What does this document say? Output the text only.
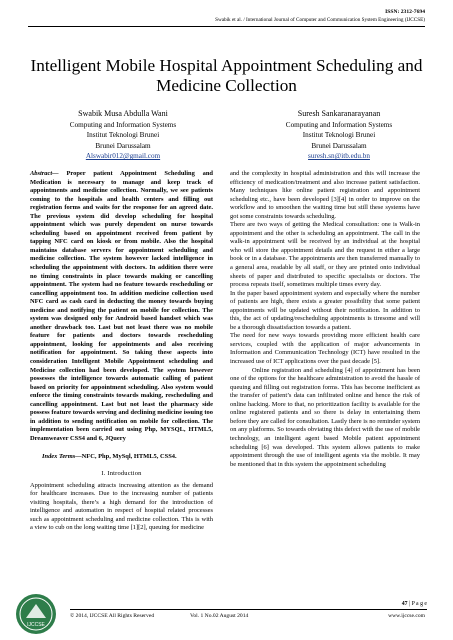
ISSN: 2312-7694
Swabik et al. / International Journal of Computer and Communication System Engineering (IJCCSE)
Intelligent Mobile Hospital Appointment Scheduling and Medicine Collection
Swabik Musa Abdulla Wani
Computing and Information Systems
Institut Teknologi Brunei
Brunei Darussalam
Alswabir012@gmail.com
Suresh Sankaranarayanan
Computing and Information Systems
Institut Teknologi Brunei
Brunei Darussalam
suresh.sn@itb.edu.bn

Abstract— Proper patient Appointment Scheduling and Medication is necessary to manage and keep track of appointments and medicine collection. Normally, we see patients coming to the hospitals and health centers and filling out registration forms and waits for the response for an agreed date. The previous system did develop scheduling for hospital appointment which was purely dependent on nurse towards scheduling based on appointment received from patient by tapping NFC card on kiosk or from mobile. Also the hospital maintains database servers for appointment scheduling and medicine collection. The system however lacked intelligence in scheduling the appointment with doctors. In addition there were no timing constraints in place towards making or cancelling appointment. The system had no feature towards rescheduling or cancelling appointment too. In addition medicine collection used NFC card as cash card in deducting the money towards buying medicine and notifying the patient on mobile for collection. The system was designed only for Android based handset which was another drawback too. Last but not least there was no mobile feature for patients and doctors towards rescheduling appointment, looking for appointments and also receiving notification for appointment. So taking these aspects into consideration Intelligent Mobile Appointment scheduling and Medicine collection had been developed. The system however possesses the intelligence towards automatic calling of patient based on priority for appointment scheduling. Also system would enforce the timing constraints towards making, rescheduling and cancelling appointment. Last but not least the pharmacy side possess feature towards serving and declining medicine issuing too in addition to sending notification on mobile for collection. The implementation been carried out using Php, MYSQL, HTML5, Dreamweaver CSS4 and 6, JQuery

Index Terms—NFC, Php, MySql, HTML5, CSS4.

I. Introduction

Appointment scheduling attracts increasing attention as the demand for healthcare increases. Due to the increasing number of patients visiting hospitals, there’s a high demand for the introduction of intelligence and automation in respect of hospital related processes such as appointment scheduling and medicine collection. This is with a view to cub on the long waiting time [1][2], queuing for medicine

and the complexity in hospital administration and this will increase the efficiency of medication/treatment and also increase patient satisfaction. Many techniques like online patient registration and appointment scheduling etc., have been developed [3][4] in order to improve on the workflow and to smoothen the waiting time but still these systems have got some constraints towards scheduling.

There are two ways of getting the Medical consultation: one is Walk-in appointment and the other is scheduling an appointment. The call in the walk-in appointment will be received by an individual at the hospital who will store the appointment details and the request in either a large book or in a database. The appointments are then transferred manually to a general area, readable by all staff, or they are printed onto individual sheets of paper and distributed to specific specialists or doctors. The process repeats itself, sometimes multiple times every day.

In the paper based appointment system and especially where the number of patients are high, there exists a greater possibility that some patient appointments will be updated without their notification. In addition to this, the act of updating/rescheduling appointments is tiresome and will be a thorough dissatisfaction towards a patient.

The need for new ways towards providing more efficient health care services, coupled with the application of major advancements in Information and Communication Technology (ICT) have resulted in the increased use of ICT applications over the past decade [5].

Online registration and scheduling [4] of appointment has been one of the options for the healthcare administration to avoid the hassle of queuing and filling out registration forms. This has become inefficient as the transfer of patient’s data can infiltrated online and hence the risk of online hacking. More to that, no prioritization facility is available for the online registered patients and so there is delay in entertaining them before they are called for consultation. Lastly there is no reminder system on any platforms. So towards obviating this defect with the use of mobile technology, an intelligent agent based Mobile patient appointment scheduling [6] was developed. This system allows patients to make appointment through the use of intelligent agents via the mobile. It may be mentioned that in this system the appointment scheduling

47 | P a g e
© 2014, IJCCSE All Rights Reserved	Vol. 1 No.02 August 2014	www.ijccse.com
IJCCSE
